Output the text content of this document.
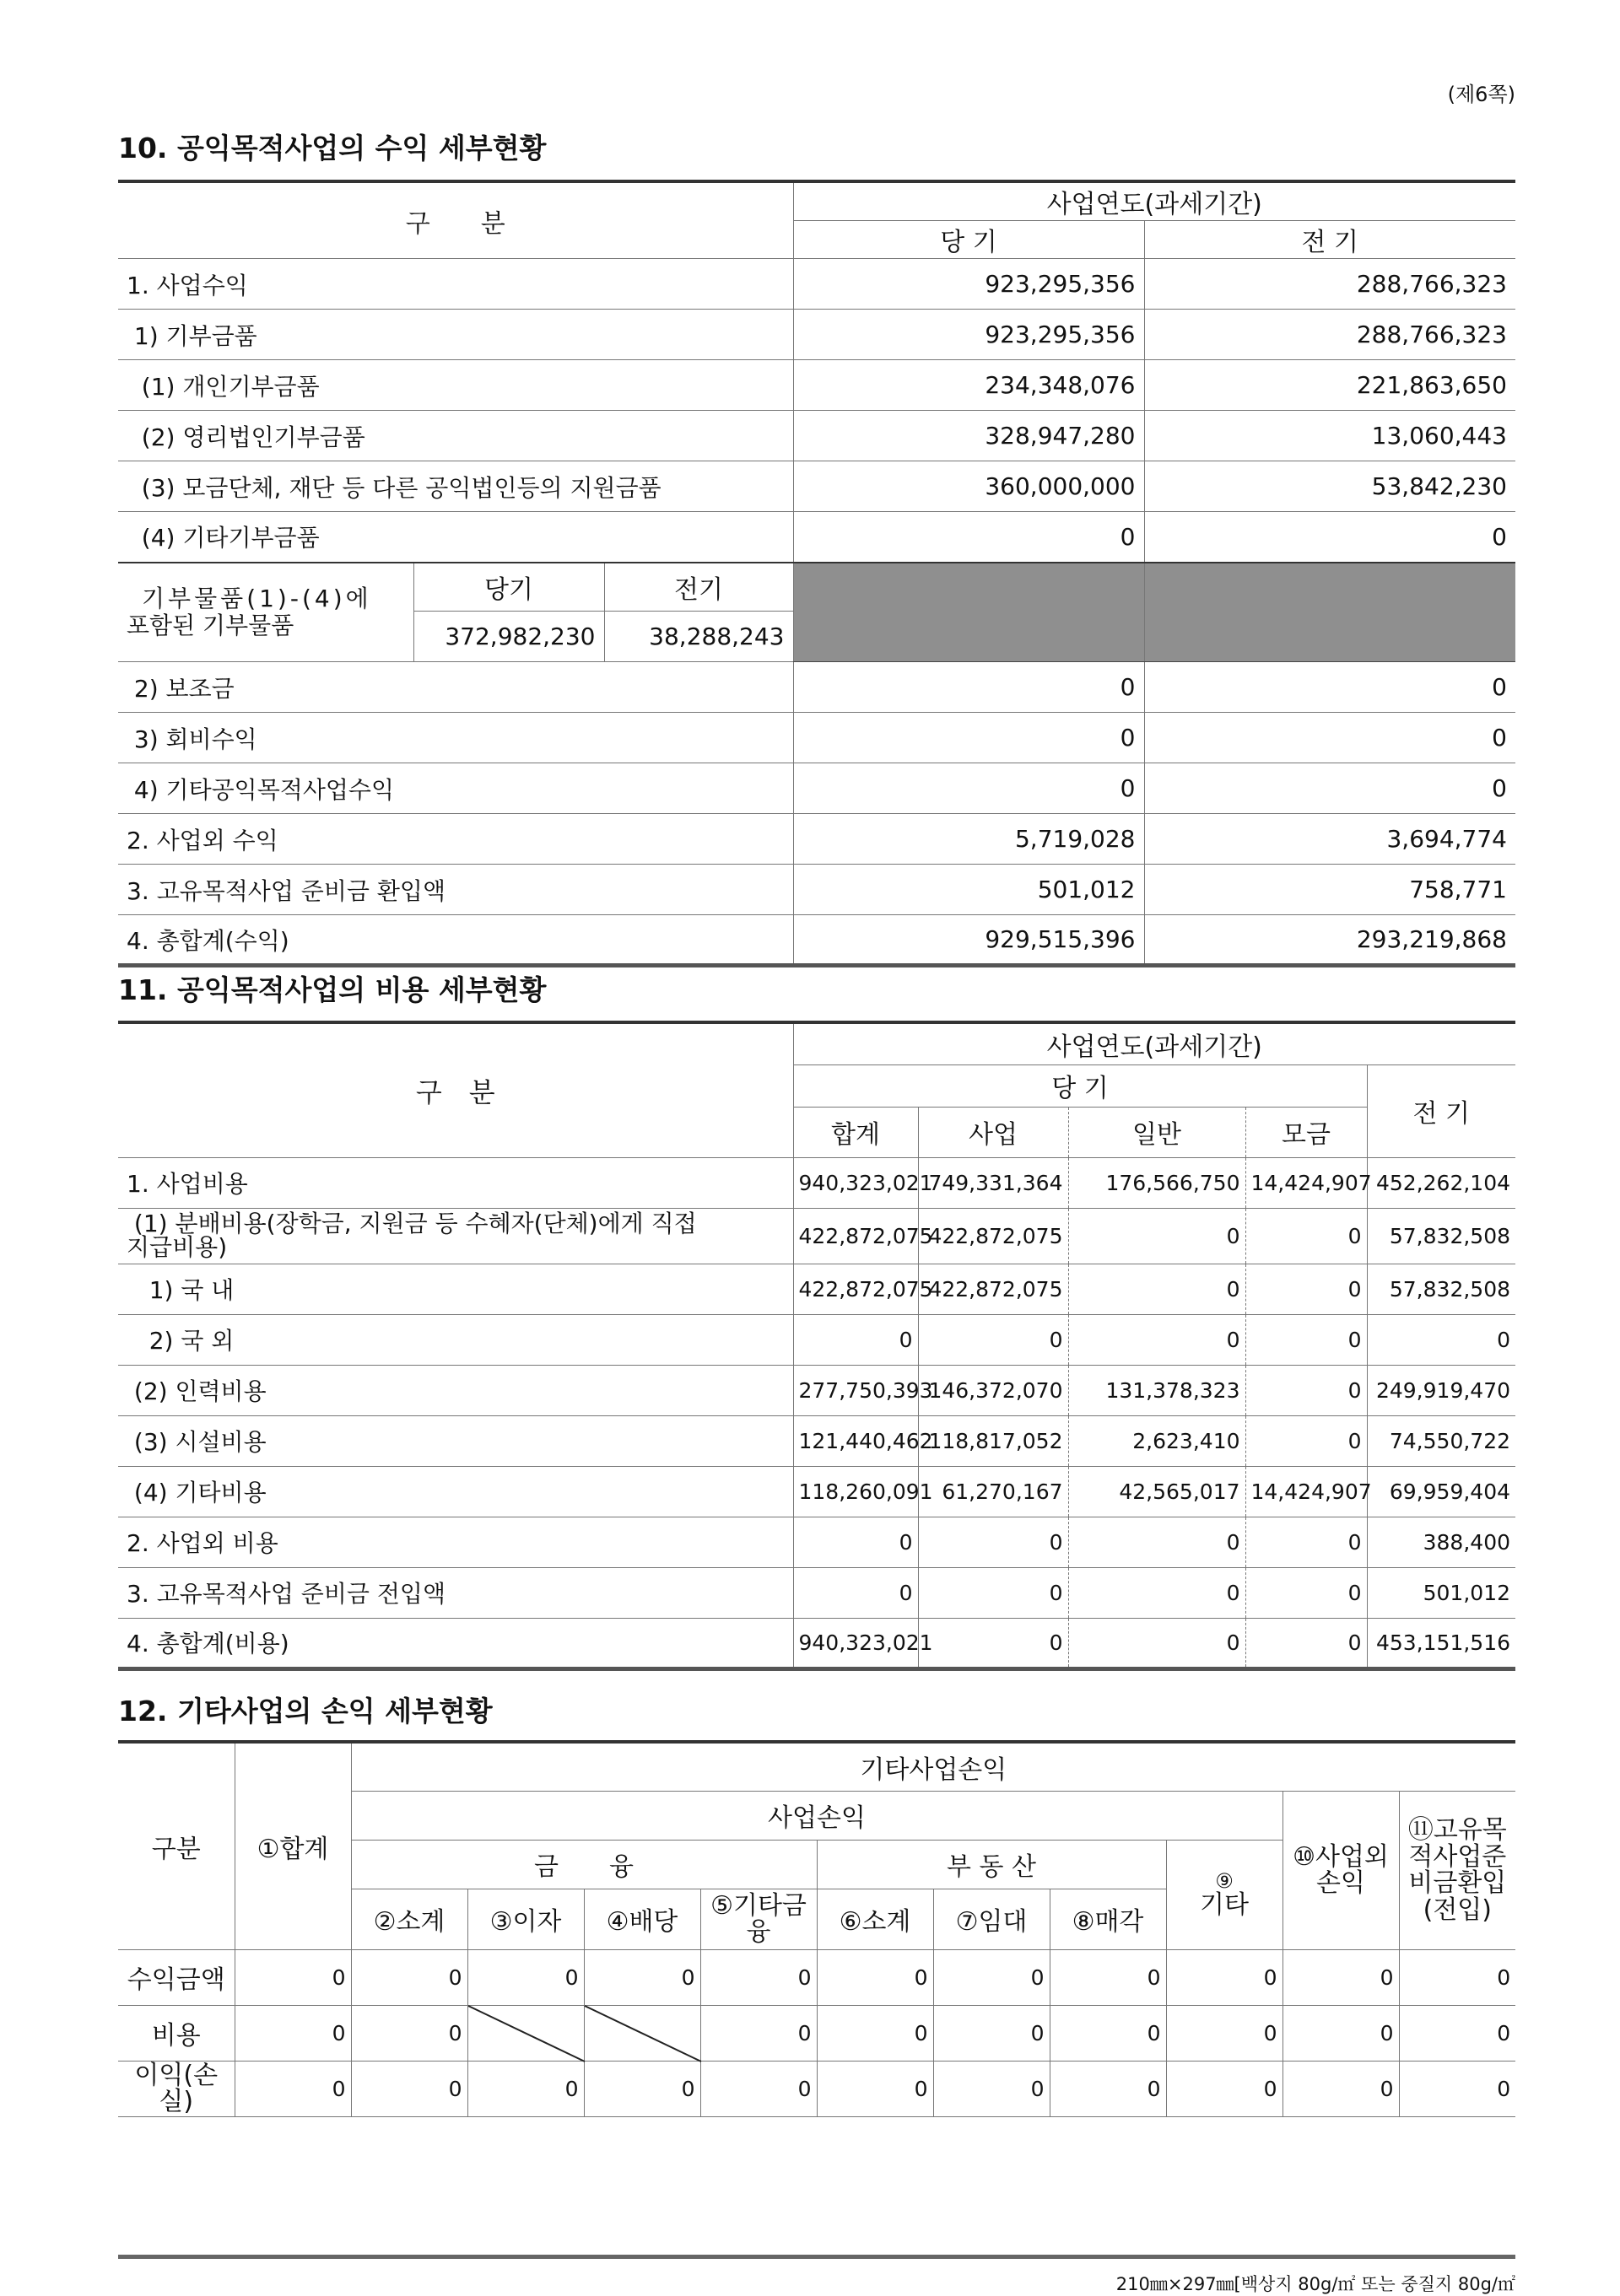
(제6쪽)
10. 공익목적사업의 수익 세부현황
구　　분			사업연도(과세기간)	
			당 기	전 기
1. 사업수익			923,295,356	288,766,323
1) 기부금품			923,295,356	288,766,323
(1) 개인기부금품			234,348,076	221,863,650
(2) 영리법인기부금품			328,947,280	13,060,443
(3) 모금단체, 재단 등 다른 공익법인등의 지원금품			360,000,000	53,842,230
(4) 기타기부금품			0	0

기부물품(1)-(4)에
포함된 기부물품	당기	전기		
	372,982,230	38,288,243		
2) 보조금			0	0
3) 회비수익			0	0
4) 기타공익목적사업수익			0	0
2. 사업외 수익			5,719,028	3,694,774
3. 고유목적사업 준비금 환입액			501,012	758,771
4. 총합계(수익)			929,515,396	293,219,868
11. 공익목적사업의 비용 세부현황
구　분	사업연도(과세기간)				
	당 기				전 기
	합계	사업	일반	모금	
1. 사업비용	940,323,021	749,331,364	176,566,750	14,424,907	452,262,104

(1) 분배비용(장학금, 지원금 등 수혜자(단체)에게 직접
지급비용)	422,872,075	422,872,075	0	0	57,832,508
1) 국 내	422,872,075	422,872,075	0	0	57,832,508
2) 국 외	0	0	0	0	0
(2) 인력비용	277,750,393	146,372,070	131,378,323	0	249,919,470
(3) 시설비용	121,440,462	118,817,052	2,623,410	0	74,550,722
(4) 기타비용	118,260,091	61,270,167	42,565,017	14,424,907	69,959,404
2. 사업외 비용	0	0	0	0	388,400
3. 고유목적사업 준비금 전입액	0	0	0	0	501,012
4. 총합계(비용)	940,323,021	0	0	0	453,151,516
12. 기타사업의 손익 세부현황
구분	①합계	기타사업손익									
		사업손익								⑩사업외손익	⑪고유목적사업준비금환입(전입)
		금　　융				부 동 산			⑨
기타		

		②소계	③이자	④배당	⑤기타금융	⑥소계	⑦임대	⑧매각			
수익금액	0	0	0	0	0	0	0	0	0	0	0
비용	0	0			0	0	0	0	0	0	0
이익(손실)	0	0	0	0	0	0	0	0	0	0	0
210㎜×297㎜[백상지 80g/㎡ 또는 중질지 80g/㎡
